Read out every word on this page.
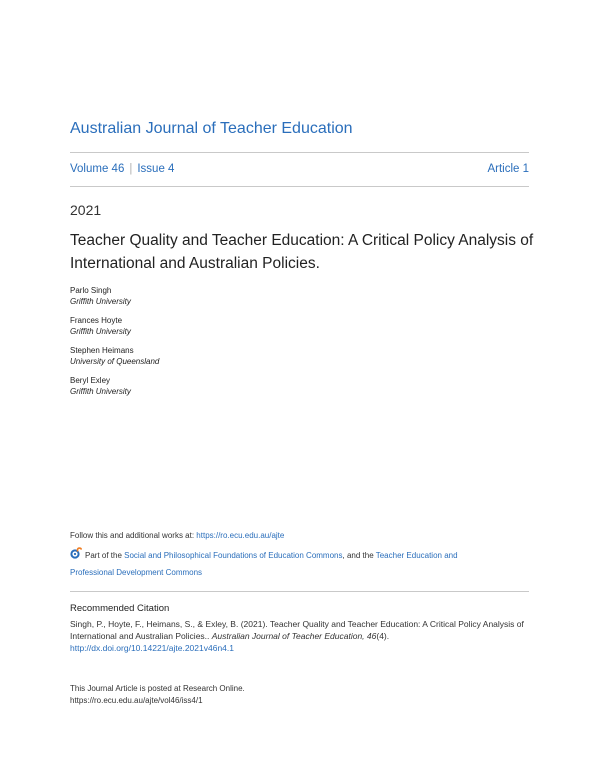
Australian Journal of Teacher Education
Volume 46 | Issue 4	Article 1
2021
Teacher Quality and Teacher Education: A Critical Policy Analysis of International and Australian Policies.
Parlo Singh
Griffith University
Frances Hoyte
Griffith University
Stephen Heimans
University of Queensland
Beryl Exley
Griffith University
Follow this and additional works at: https://ro.ecu.edu.au/ajte
Part of the Social and Philosophical Foundations of Education Commons, and the Teacher Education and
Professional Development Commons
Recommended Citation
Singh, P., Hoyte, F., Heimans, S., & Exley, B. (2021). Teacher Quality and Teacher Education: A Critical Policy Analysis of International and Australian Policies.. Australian Journal of Teacher Education, 46(4).
http://dx.doi.org/10.14221/ajte.2021v46n4.1
This Journal Article is posted at Research Online.
https://ro.ecu.edu.au/ajte/vol46/iss4/1
